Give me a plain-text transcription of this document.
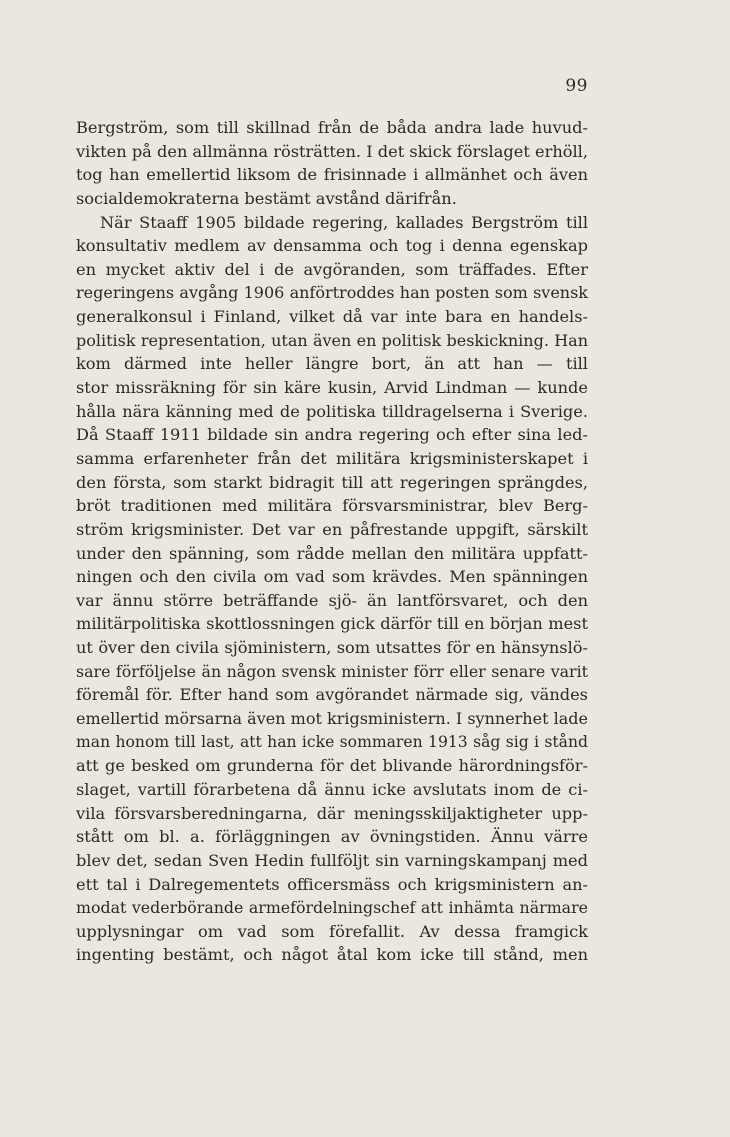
99
Bergström, som till skillnad från de båda andra lade huvud-
vikten på den allmänna rösträtten. I det skick förslaget erhöll,
tog han emellertid liksom de frisinnade i allmänhet och även
socialdemokraterna bestämt avstånd därifrån.
När Staaff 1905 bildade regering, kallades Bergström till
konsultativ medlem av densamma och tog i denna egenskap
en mycket aktiv del i de avgöranden, som träffades. Efter
regeringens avgång 1906 anförtroddes han posten som svensk
generalkonsul i Finland, vilket då var inte bara en handels-
politisk representation, utan även en politisk beskickning. Han
kom därmed inte heller längre bort, än att han — till
stor missräkning för sin käre kusin, Arvid Lindman — kunde
hålla nära känning med de politiska tilldragelserna i Sverige.
Då Staaff 1911 bildade sin andra regering och efter sina led-
samma erfarenheter från det militära krigsministerskapet i
den första, som starkt bidragit till att regeringen sprängdes,
bröt traditionen med militära försvarsministrar, blev Berg-
ström krigsminister. Det var en påfrestande uppgift, särskilt
under den spänning, som rådde mellan den militära uppfatt-
ningen och den civila om vad som krävdes. Men spänningen
var ännu större beträffande sjö- än lantförsvaret, och den
militärpolitiska skottlossningen gick därför till en början mest
ut över den civila sjöministern, som utsattes för en hänsynslö-
sare förföljelse än någon svensk minister förr eller senare varit
föremål för. Efter hand som avgörandet närmade sig, vändes
emellertid mörsarna även mot krigsministern. I synnerhet lade
man honom till last, att han icke sommaren 1913 såg sig i stånd
att ge besked om grunderna för det blivande härordningsför-
slaget, vartill förarbetena då ännu icke avslutats inom de ci-
vila försvarsberedningarna, där meningsskiljaktigheter upp-
stått om bl. a. förläggningen av övningstiden. Ännu värre
blev det, sedan Sven Hedin fullföljt sin varningskampanj med
ett tal i Dalregementets officersmäss och krigsministern an-
modat vederbörande armefördelningschef att inhämta närmare
upplysningar om vad som förefallit. Av dessa framgick
ingenting bestämt, och något åtal kom icke till stånd, men
